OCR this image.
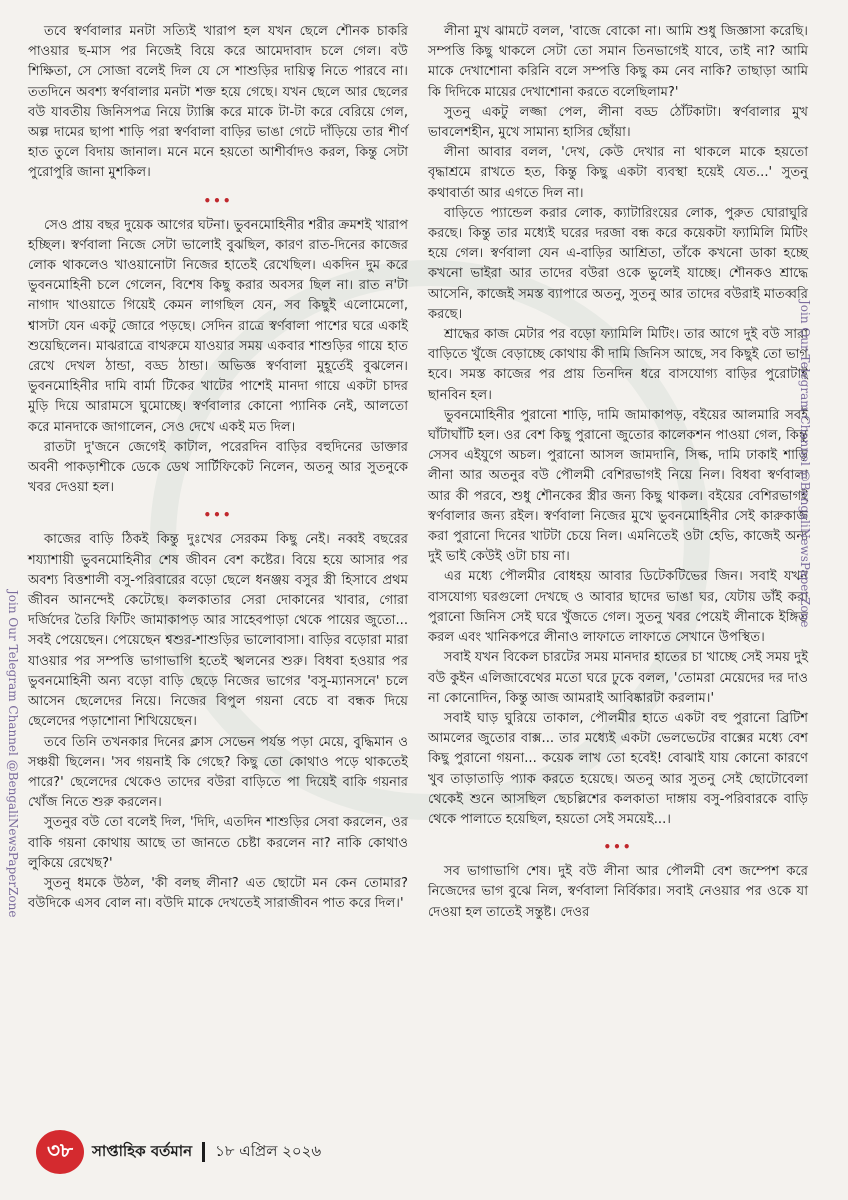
তবে স্বর্ণবালার মনটা সত্যিই খারাপ হল যখন ছেলে শৌনক চাকরি পাওয়ার ছ-মাস পর নিজেই বিয়ে করে আমেদাবাদ চলে গেল। বউ শিক্ষিতা, সে সোজা বলেই দিল যে সে শাশুড়ির দায়িত্ব নিতে পারবে না। ততদিনে অবশ্য স্বর্ণবালার মনটা শক্ত হয়ে গেছে। যখন ছেলে আর ছেলের বউ যাবতীয় জিনিসপত্র নিয়ে ট্যাক্সি করে মাকে টা-টা করে বেরিয়ে গেল, অল্প দামের ছাপা শাড়ি পরা স্বর্ণবালা বাড়ির ভাঙা গেটে দাঁড়িয়ে তার শীর্ণ হাত তুলে বিদায় জানাল। মনে মনে হয়তো আশীর্বাদও করল, কিন্তু সেটা পুরোপুরি জানা মুশকিল।

•••

সেও প্রায় বছর দুয়েক আগের ঘটনা। ভুবনমোহিনীর শরীর ক্রমশই খারাপ হচ্ছিল। স্বর্ণবালা নিজে সেটা ভালোই বুঝছিল, কারণ রাত-দিনের কাজের লোক থাকলেও খাওয়ানোটা নিজের হাতেই রেখেছিল। একদিন দুম করে ভুবনমোহিনী চলে গেলেন, বিশেষ কিছু করার অবসর ছিল না। রাত ন'টা নাগাদ খাওয়াতে গিয়েই কেমন লাগছিল যেন, সব কিছুই এলোমেলো, শ্বাসটা যেন একটু জোরে পড়ছে। সেদিন রাত্রে স্বর্ণবালা পাশের ঘরে একাই শুয়েছিলেন। মাঝরাত্রে বাথরুমে যাওয়ার সময় একবার শাশুড়ির গায়ে হাত রেখে দেখল ঠান্ডা, বড্ড ঠান্ডা। অভিজ্ঞ স্বর্ণবালা মুহূর্তেই বুঝলেন। ভুবনমোহিনীর দামি বার্মা টিকের খাটের পাশেই মানদা গায়ে একটা চাদর মুড়ি দিয়ে আরামসে ঘুমোচ্ছে। স্বর্ণবালার কোনো প্যানিক নেই, আলতো করে মানদাকে জাগালেন, সেও দেখে একই মত দিল।

রাতটা দু'জনে জেগেই কাটাল, পরেরদিন বাড়ির বহুদিনের ডাক্তার অবনী পাকড়াশীকে ডেকে ডেথ সার্টিফিকেট নিলেন, অতনু আর সুতনুকে খবর দেওয়া হল।

•••

কাজের বাড়ি ঠিকই কিন্তু দুঃখের সেরকম কিছু নেই। নব্বই বছরের শয্যাশায়ী ভুবনমোহিনীর শেষ জীবন বেশ কষ্টের। বিয়ে হয়ে আসার পর অবশ্য বিত্তশালী বসু-পরিবারের বড়ো ছেলে ধনঞ্জয় বসুর স্ত্রী হিসাবে প্রথম জীবন আনন্দেই কেটেছে। কলকাতার সেরা দোকানের খাবার, গোরা দর্জিদের তৈরি ফিটিং জামাকাপড় আর সাহেবপাড়া থেকে পায়ের জুতো... সবই পেয়েছেন। পেয়েছেন শ্বশুর-শাশুড়ির ভালোবাসা। বাড়ির বড়োরা মারা যাওয়ার পর সম্পত্তি ভাগাভাগি হতেই স্খলনের শুরু। বিধবা হওয়ার পর ভুবনমোহিনী অন্য বড়ো বাড়ি ছেড়ে নিজের ভাগের 'বসু-ম্যানসনে' চলে আসেন ছেলেদের নিয়ে। নিজের বিপুল গয়না বেচে বা বন্ধক দিয়ে ছেলেদের পড়াশোনা শিখিয়েছেন।

তবে তিনি তখনকার দিনের ক্লাস সেভেন পর্যন্ত পড়া মেয়ে, বুদ্ধিমান ও সঞ্চয়ী ছিলেন। 'সব গয়নাই কি গেছে? কিছু তো কোথাও পড়ে থাকতেই পারে?' ছেলেদের থেকেও তাদের বউরা বাড়িতে পা দিয়েই বাকি গয়নার খোঁজ নিতে শুরু করলেন।

সুতনুর বউ তো বলেই দিল, 'দিদি, এতদিন শাশুড়ির সেবা করলেন, ওর বাকি গয়না কোথায় আছে তা জানতে চেষ্টা করলেন না? নাকি কোথাও লুকিয়ে রেখেছ?'

সুতনু ধমকে উঠল, 'কী বলছ লীনা? এত ছোটো মন কেন তোমার? বউদিকে এসব বোল না। বউদি মাকে দেখতেই সারাজীবন পাত করে দিল।'

লীনা মুখ ঝামটে বলল, 'বাজে বোকো না। আমি শুধু জিজ্ঞাসা করেছি। সম্পত্তি কিছু থাকলে সেটা তো সমান তিনভাগেই যাবে, তাই না? আমি মাকে দেখাশোনা করিনি বলে সম্পত্তি কিছু কম নেব নাকি? তাছাড়া আমি কি দিদিকে মায়ের দেখাশোনা করতে বলেছিলাম?'

সুতনু একটু লজ্জা পেল, লীনা বড্ড ঠোঁটকাটা। স্বর্ণবালার মুখ ভাবলেশহীন, মুখে সামান্য হাসির ছোঁয়া।

লীনা আবার বলল, 'দেখ, কেউ দেখার না থাকলে মাকে হয়তো বৃদ্ধাশ্রমে রাখতে হত, কিন্তু কিছু একটা ব্যবস্থা হয়েই যেত...' সুতনু কথাবার্তা আর এগতে দিল না।

বাড়িতে প্যান্ডেল করার লোক, ক্যাটারিংয়ের লোক, পুরুত ঘোরাঘুরি করছে। কিন্তু তার মধ্যেই ঘরের দরজা বন্ধ করে কয়েকটা ফ্যামিলি মিটিং হয়ে গেল। স্বর্ণবালা যেন এ-বাড়ির আশ্রিতা, তাঁকে কখনো ডাকা হচ্ছে কখনো ভাইরা আর তাদের বউরা ওকে ভুলেই যাচ্ছে। শৌনকও শ্রাদ্ধে আসেনি, কাজেই সমস্ত ব্যাপারে অতনু, সুতনু আর তাদের বউরাই মাতব্বরি করছে।

শ্রাদ্ধের কাজ মেটার পর বড়ো ফ্যামিলি মিটিং। তার আগে দুই বউ সারা বাড়িতে খুঁজে বেড়াচ্ছে কোথায় কী দামি জিনিস আছে, সব কিছুই তো ভাগ হবে। সমস্ত কাজের পর প্রায় তিনদিন ধরে বাসযোগ্য বাড়ির পুরোটাই ছানবিন হল।

ভুবনমোহিনীর পুরানো শাড়ি, দামি জামাকাপড়, বইয়ের আলমারি সবই ঘাঁটাঘাঁটি হল। ওর বেশ কিছু পুরানো জুতোর কালেকশন পাওয়া গেল, কিন্তু সেসব এইযুগে অচল। পুরানো আসল জামদানি, সিল্ক, দামি ঢাকাই শাড়ি লীনা আর অতনুর বউ পৌলমী বেশিরভাগই নিয়ে নিল। বিধবা স্বর্ণবালা আর কী পরবে, শুধু শৌনকের স্ত্রীর জন্য কিছু থাকল। বইয়ের বেশিরভাগই স্বর্ণবালার জন্য রইল। স্বর্ণবালা নিজের মুখে ভুবনমোহিনীর সেই কারুকাজ করা পুরানো দিনের খাটটা চেয়ে নিল। এমনিতেই ওটা হেভি, কাজেই অন্য দুই ভাই কেউই ওটা চায় না।

এর মধ্যে পৌলমীর বোধহয় আবার ডিটেকটিভের জিন। সবাই যখন বাসযোগ্য ঘরগুলো দেখছে ও আবার ছাদের ভাঙা ঘর, যেটায় ডাঁই করা পুরানো জিনিস সেই ঘরে খুঁজতে গেল। সুতনু খবর পেয়েই লীনাকে ইঙ্গিত করল এবং খানিকপরে লীনাও লাফাতে লাফাতে সেখানে উপস্থিত।

সবাই যখন বিকেল চারটের সময় মানদার হাতের চা খাচ্ছে সেই সময় দুই বউ কুইন এলিজাবেথের মতো ঘরে ঢুকে বলল, 'তোমরা মেয়েদের দর দাও না কোনোদিন, কিন্তু আজ আমরাই আবিষ্কারটা করলাম।'

সবাই ঘাড় ঘুরিয়ে তাকাল, পৌলমীর হাতে একটা বহু পুরানো ব্রিটিশ আমলের জুতোর বাক্স... তার মধ্যেই একটা ভেলভেটের বাক্সের মধ্যে বেশ কিছু পুরানো গয়না... কয়েক লাখ তো হবেই! বোঝাই যায় কোনো কারণে খুব তাড়াতাড়ি প্যাক করতে হয়েছে। অতনু আর সুতনু সেই ছোটোবেলা থেকেই শুনে আসছিল ছেচল্লিশের কলকাতা দাঙ্গায় বসু-পরিবারকে বাড়ি থেকে পালাতে হয়েছিল, হয়তো সেই সময়েই...।

•••

সব ভাগাভাগি শেষ। দুই বউ লীনা আর পৌলমী বেশ জম্পেশ করে নিজেদের ভাগ বুঝে নিল, স্বর্ণবালা নির্বিকার। সবাই নেওয়ার পর ওকে যা দেওয়া হল তাতেই সন্তুষ্ট। দেওর

Join Our Telegram Channel @BengaliNewsPaperZone
Join Our Telegram Channel @BengaliNewsPaperZone
৩৮	সাপ্তাহিক বর্তমান ১৮ এপ্রিল ২০২৬
